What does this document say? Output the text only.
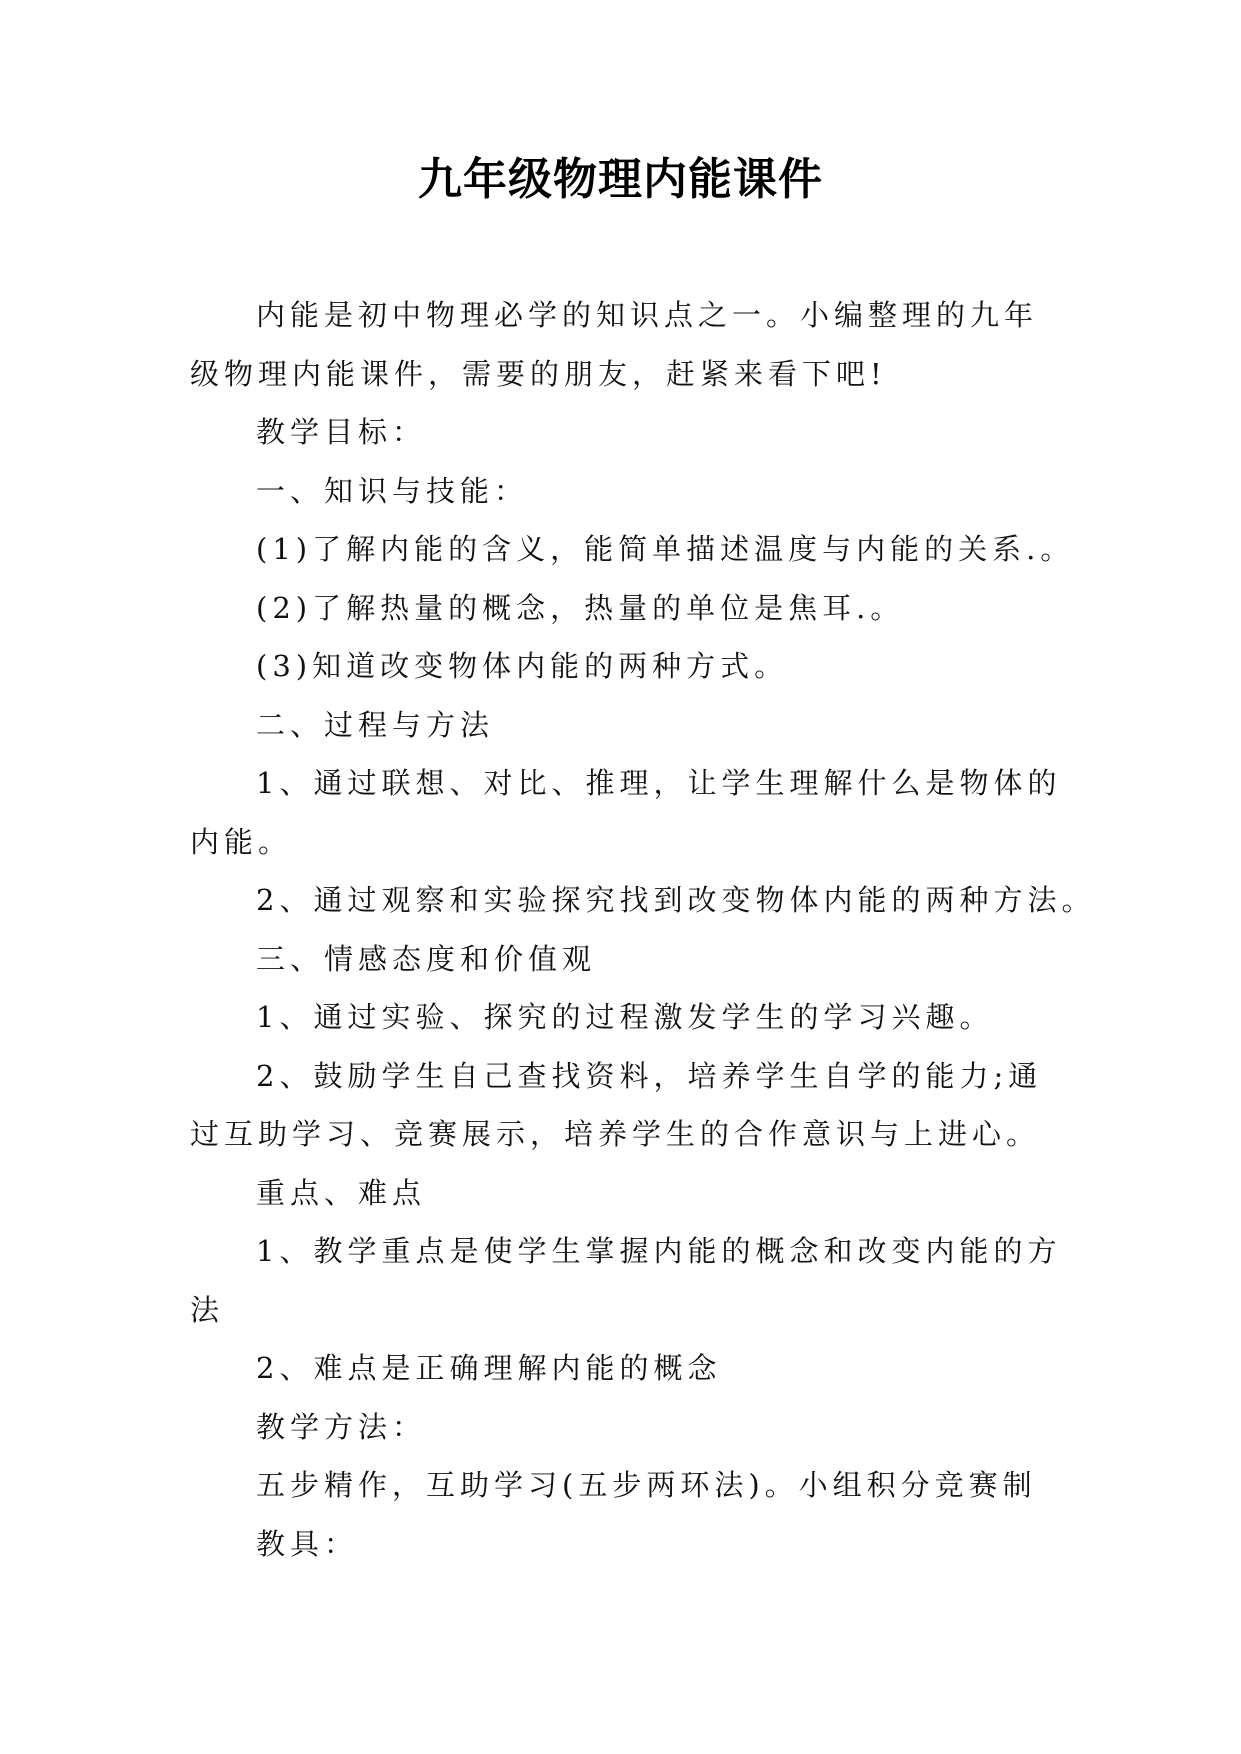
九年级物理内能课件

内能是初中物理必学的知识点之一。小编整理的九年级物理内能课件，需要的朋友，赶紧来看下吧!

教学目标：

一、知识与技能：

(1)了解内能的含义，能简单描述温度与内能的关系.。

(2)了解热量的概念，热量的单位是焦耳.。

(3)知道改变物体内能的两种方式。

二、过程与方法

1、通过联想、对比、推理，让学生理解什么是物体的内能。

2、通过观察和实验探究找到改变物体内能的两种方法。

三、情感态度和价值观

1、通过实验、探究的过程激发学生的学习兴趣。

2、鼓励学生自己查找资料，培养学生自学的能力;通过互助学习、竞赛展示，培养学生的合作意识与上进心。

重点、难点

1、教学重点是使学生掌握内能的概念和改变内能的方法

2、难点是正确理解内能的概念

教学方法：

五步精作，互助学习(五步两环法)。小组积分竞赛制

教具：
